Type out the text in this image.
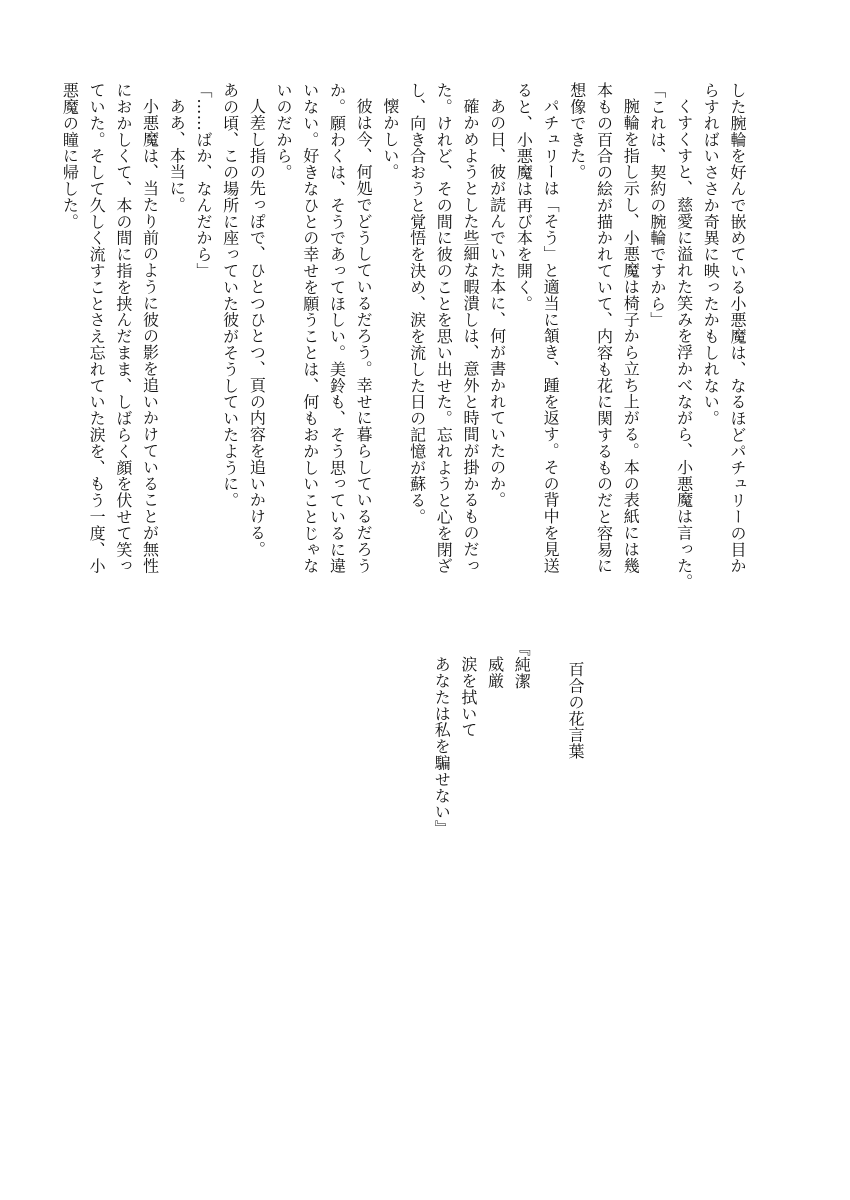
した腕輪を好んで嵌めている小悪魔は、なるほどパチュリーの目か

らすればいささか奇異に映ったかもしれない。

くすくすと、慈愛に溢れた笑みを浮かべながら、小悪魔は言った。

「これは、契約の腕輪ですから」

腕輪を指し示し、小悪魔は椅子から立ち上がる。本の表紙には幾

本もの百合の絵が描かれていて、内容も花に関するものだと容易に

想像できた。

パチュリーは「そう」と適当に頷き、踵を返す。その背中を見送

ると、小悪魔は再び本を開く。

あの日、彼が読んでいた本に、何が書かれていたのか。

確かめようとした些細な暇潰しは、意外と時間が掛かるものだっ

た。けれど、その間に彼のことを思い出せた。忘れようと心を閉ざ

し、向き合おうと覚悟を決め、涙を流した日の記憶が蘇る。

懐かしい。

彼は今、何処でどうしているだろう。幸せに暮らしているだろう

か。願わくは、そうであってほしい。美鈴も、そう思っているに違

いない。好きなひとの幸せを願うことは、何もおかしいことじゃな

いのだから。

人差し指の先っぽで、ひとつひとつ、頁の内容を追いかける。

あの頃、この場所に座っていた彼がそうしていたように。

「……ばか、なんだから」

ああ、本当に。

小悪魔は、当たり前のように彼の影を追いかけていることが無性

におかしくて、本の間に指を挟んだまま、しばらく顔を伏せて笑っ

ていた。そして久しく流すことさえ忘れていた涙を、もう一度、小

悪魔の瞳に帰した。

百合の花言葉

『純潔

威厳

涙を拭いて

あなたは私を騙せない』
